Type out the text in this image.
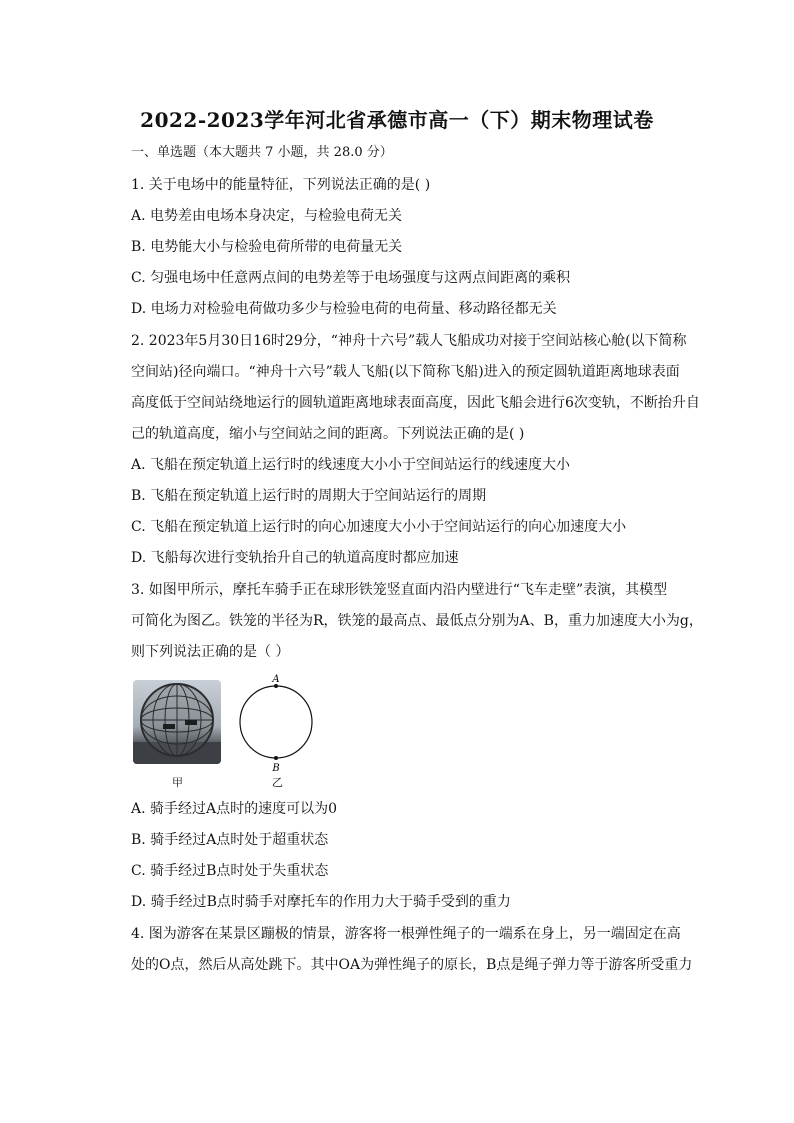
2022-2023学年河北省承德市高一（下）期末物理试卷
一、单选题（本大题共 7 小题，共 28.0 分）
1. 关于电场中的能量特征，下列说法正确的是( )
A. 电势差由电场本身决定，与检验电荷无关
B. 电势能大小与检验电荷所带的电荷量无关
C. 匀强电场中任意两点间的电势差等于电场强度与这两点间距离的乘积
D. 电场力对检验电荷做功多少与检验电荷的电荷量、移动路径都无关
2. 2023年5月30日16时29分，“神舟十六号”载人飞船成功对接于空间站核心舱(以下简称
空间站)径向端口。“神舟十六号”载人飞船(以下简称飞船)进入的预定圆轨道距离地球表面
高度低于空间站绕地运行的圆轨道距离地球表面高度，因此飞船会进行6次变轨，不断抬升自
己的轨道高度，缩小与空间站之间的距离。下列说法正确的是( )
A. 飞船在预定轨道上运行时的线速度大小小于空间站运行的线速度大小
B. 飞船在预定轨道上运行时的周期大于空间站运行的周期
C. 飞船在预定轨道上运行时的向心加速度大小小于空间站运行的向心加速度大小
D. 飞船每次进行变轨抬升自己的轨道高度时都应加速
3. 如图甲所示，摩托车骑手正在球形铁笼竖直面内沿内壁进行“飞车走壁”表演，其模型
可简化为图乙。铁笼的半径为R，铁笼的最高点、最低点分别为A、B，重力加速度大小为g，
则下列说法正确的是（ ）
甲
A
B
乙
A. 骑手经过A点时的速度可以为0
B. 骑手经过A点时处于超重状态
C. 骑手经过B点时处于失重状态
D. 骑手经过B点时骑手对摩托车的作用力大于骑手受到的重力
4. 图为游客在某景区蹦极的情景，游客将一根弹性绳子的一端系在身上，另一端固定在高
处的O点，然后从高处跳下。其中OA为弹性绳子的原长，B点是绳子弹力等于游客所受重力
